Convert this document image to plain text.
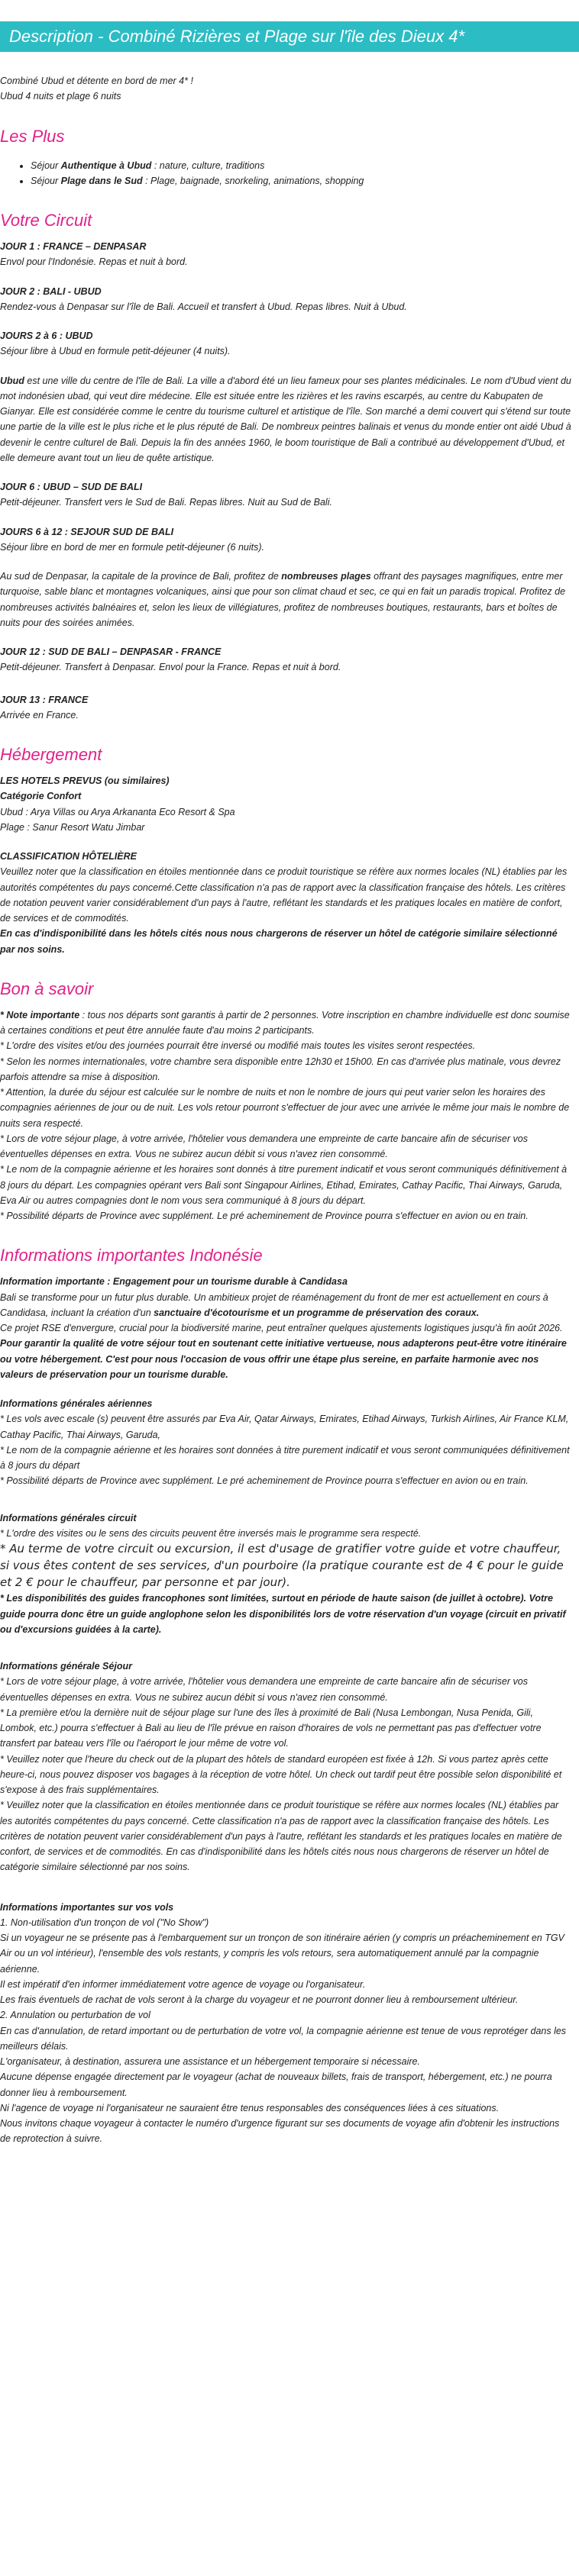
Description - Combiné Rizières et Plage sur l'île des Dieux 4*

Combiné Ubud et détente en bord de mer 4* !

Ubud 4 nuits et plage 6 nuits

Les Plus
• Séjour Authentique à Ubud : nature, culture, traditions
• Séjour Plage dans le Sud : Plage, baignade, snorkeling, animations, shopping
Votre Circuit

JOUR 1 : FRANCE – DENPASAR

Envol pour l'Indonésie. Repas et nuit à bord.

JOUR 2 : BALI - UBUD

Rendez-vous à Denpasar sur l'île de Bali. Accueil et transfert à Ubud. Repas libres. Nuit à Ubud.

JOURS 2 à 6 : UBUD

Séjour libre à Ubud en formule petit-déjeuner (4 nuits).

Ubud est une ville du centre de l'île de Bali. La ville a d'abord été un lieu fameux pour ses plantes médicinales. Le nom d'Ubud vient du mot indonésien ubad, qui veut dire médecine. Elle est située entre les rizières et les ravins escarpés, au centre du Kabupaten de Gianyar. Elle est considérée comme le centre du tourisme culturel et artistique de l'île. Son marché a demi couvert qui s'étend sur toute une partie de la ville est le plus riche et le plus réputé de Bali. De nombreux peintres balinais et venus du monde entier ont aidé Ubud à devenir le centre culturel de Bali. Depuis la fin des années 1960, le boom touristique de Bali a contribué au développement d'Ubud, et elle demeure avant tout un lieu de quête artistique.

JOUR 6 : UBUD – SUD DE BALI

Petit-déjeuner. Transfert vers le Sud de Bali. Repas libres. Nuit au Sud de Bali.

JOURS 6 à 12 : SEJOUR SUD DE BALI

Séjour libre en bord de mer en formule petit-déjeuner (6 nuits).

Au sud de Denpasar, la capitale de la province de Bali, profitez de nombreuses plages offrant des paysages magnifiques, entre mer turquoise, sable blanc et montagnes volcaniques, ainsi que pour son climat chaud et sec, ce qui en fait un paradis tropical. Profitez de nombreuses activités balnéaires et, selon les lieux de villégiatures, profitez de nombreuses boutiques, restaurants, bars et boîtes de nuits pour des soirées animées.

JOUR 12 : SUD DE BALI – DENPASAR - FRANCE

Petit-déjeuner. Transfert à Denpasar. Envol pour la France. Repas et nuit à bord.

JOUR 13 : FRANCE

Arrivée en France.

Hébergement

LES HOTELS PREVUS (ou similaires)

Catégorie Confort

Ubud : Arya Villas ou Arya Arkananta Eco Resort & Spa

Plage : Sanur Resort Watu Jimbar

CLASSIFICATION HÔTELIÈRE

Veuillez noter que la classification en étoiles mentionnée dans ce produit touristique se réfère aux normes locales (NL) établies par les autorités compétentes du pays concerné.Cette classification n'a pas de rapport avec la classification française des hôtels. Les critères de notation peuvent varier considérablement d'un pays à l'autre, reflétant les standards et les pratiques locales en matière de confort, de services et de commodités.

En cas d'indisponibilité dans les hôtels cités nous nous chargerons de réserver un hôtel de catégorie similaire sélectionné par nos soins.

Bon à savoir

* Note importante : tous nos départs sont garantis à partir de 2 personnes. Votre inscription en chambre individuelle est donc soumise à certaines conditions et peut être annulée faute d'au moins 2 participants.

* L'ordre des visites et/ou des journées pourrait être inversé ou modifié mais toutes les visites seront respectées.

* Selon les normes internationales, votre chambre sera disponible entre 12h30 et 15h00. En cas d'arrivée plus matinale, vous devrez parfois attendre sa mise à disposition.

* Attention, la durée du séjour est calculée sur le nombre de nuits et non le nombre de jours qui peut varier selon les horaires des compagnies aériennes de jour ou de nuit. Les vols retour pourront s'effectuer de jour avec une arrivée le même jour mais le nombre de nuits sera respecté.

* Lors de votre séjour plage, à votre arrivée, l'hôtelier vous demandera une empreinte de carte bancaire afin de sécuriser vos éventuelles dépenses en extra. Vous ne subirez aucun débit si vous n'avez rien consommé.

* Le nom de la compagnie aérienne et les horaires sont donnés à titre purement indicatif et vous seront communiqués définitivement à 8 jours du départ. Les compagnies opérant vers Bali sont Singapour Airlines, Etihad, Emirates, Cathay Pacific, Thai Airways, Garuda, Eva Air ou autres compagnies dont le nom vous sera communiqué à 8 jours du départ.

* Possibilité départs de Province avec supplément. Le pré acheminement de Province pourra s'effectuer en avion ou en train.

Informations importantes Indonésie

Information importante : Engagement pour un tourisme durable à Candidasa

Bali se transforme pour un futur plus durable. Un ambitieux projet de réaménagement du front de mer est actuellement en cours à Candidasa, incluant la création d'un sanctuaire d'écotourisme et un programme de préservation des coraux.

Ce projet RSE d'envergure, crucial pour la biodiversité marine, peut entraîner quelques ajustements logistiques jusqu'à fin août 2026. Pour garantir la qualité de votre séjour tout en soutenant cette initiative vertueuse, nous adapterons peut-être votre itinéraire ou votre hébergement. C'est pour nous l'occasion de vous offrir une étape plus sereine, en parfaite harmonie avec nos valeurs de préservation pour un tourisme durable.

Informations générales aériennes

* Les vols avec escale (s) peuvent être assurés par Eva Air, Qatar Airways, Emirates, Etihad Airways, Turkish Airlines, Air France KLM, Cathay Pacific, Thai Airways, Garuda,

* Le nom de la compagnie aérienne et les horaires sont données à titre purement indicatif et vous seront communiquées définitivement à 8 jours du départ

* Possibilité départs de Province avec supplément. Le pré acheminement de Province pourra s'effectuer en avion ou en train.

Informations générales circuit

* L'ordre des visites ou le sens des circuits peuvent être inversés mais le programme sera respecté.

* Au terme de votre circuit ou excursion, il est d'usage de gratifier votre guide et votre chauffeur, si vous êtes content de ses services, d'un pourboire (la pratique courante est de 4 € pour le guide et 2 € pour le chauffeur, par personne et par jour).

* Les disponibilités des guides francophones sont limitées, surtout en période de haute saison (de juillet à octobre). Votre guide pourra donc être un guide anglophone selon les disponibilités lors de votre réservation d'un voyage (circuit en privatif ou d'excursions guidées à la carte).

Informations générale Séjour

* Lors de votre séjour plage, à votre arrivée, l'hôtelier vous demandera une empreinte de carte bancaire afin de sécuriser vos éventuelles dépenses en extra. Vous ne subirez aucun débit si vous n'avez rien consommé.

* La première et/ou la dernière nuit de séjour plage sur l'une des îles à proximité de Bali (Nusa Lembongan, Nusa Penida, Gili, Lombok, etc.) pourra s'effectuer à Bali au lieu de l'île prévue en raison d'horaires de vols ne permettant pas pas d'effectuer votre transfert par bateau vers l'île ou l'aéroport le jour même de votre vol.

* Veuillez noter que l'heure du check out de la plupart des hôtels de standard européen est fixée à 12h. Si vous partez après cette heure-ci, nous pouvez disposer vos bagages à la réception de votre hôtel. Un check out tardif peut être possible selon disponibilité et s'expose à des frais supplémentaires.

* Veuillez noter que la classification en étoiles mentionnée dans ce produit touristique se réfère aux normes locales (NL) établies par les autorités compétentes du pays concerné. Cette classification n'a pas de rapport avec la classification française des hôtels. Les critères de notation peuvent varier considérablement d'un pays à l'autre, reflétant les standards et les pratiques locales en matière de confort, de services et de commodités. En cas d'indisponibilité dans les hôtels cités nous nous chargerons de réserver un hôtel de catégorie similaire sélectionné par nos soins.

Informations importantes sur vos vols

1. Non-utilisation d'un tronçon de vol ("No Show")

Si un voyageur ne se présente pas à l'embarquement sur un tronçon de son itinéraire aérien (y compris un préacheminement en TGV Air ou un vol intérieur), l'ensemble des vols restants, y compris les vols retours, sera automatiquement annulé par la compagnie aérienne.

Il est impératif d'en informer immédiatement votre agence de voyage ou l'organisateur.

Les frais éventuels de rachat de vols seront à la charge du voyageur et ne pourront donner lieu à remboursement ultérieur.

2. Annulation ou perturbation de vol

En cas d'annulation, de retard important ou de perturbation de votre vol, la compagnie aérienne est tenue de vous reprotéger dans les meilleurs délais.

L'organisateur, à destination, assurera une assistance et un hébergement temporaire si nécessaire.

Aucune dépense engagée directement par le voyageur (achat de nouveaux billets, frais de transport, hébergement, etc.) ne pourra donner lieu à remboursement.

Ni l'agence de voyage ni l'organisateur ne sauraient être tenus responsables des conséquences liées à ces situations.

Nous invitons chaque voyageur à contacter le numéro d'urgence figurant sur ses documents de voyage afin d'obtenir les instructions de reprotection à suivre.
